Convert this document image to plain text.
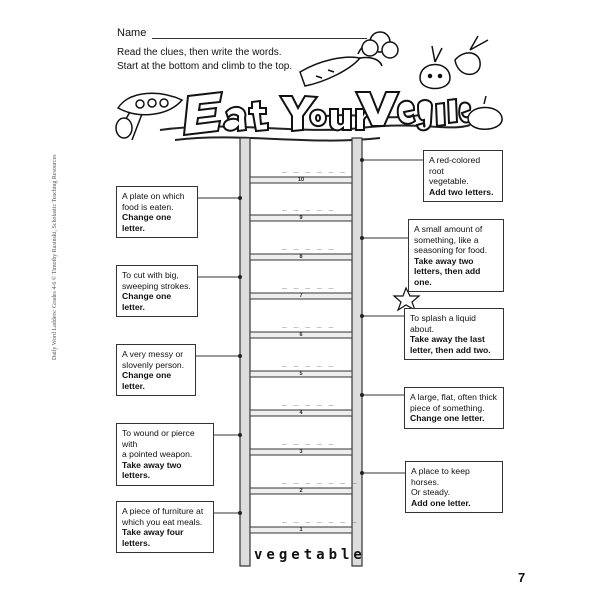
Name
Read the clues, then write the words.
Start at the bottom and climb to the top.
Daily Word Ladders: Grades 4-6 © Timothy Rasinski, Scholastic Teaching Resources	_ _ _ _ _ _
10
_ _ _ _ _
9
_ _ _ _ _
8
_ _ _ _ _
7
_ _ _ _ _
6
_ _ _ _ _
5
_ _ _ _ _
4
_ _ _ _ _
3
_ _ _ _ _ _ _
2
_ _ _ _ _ _ _
1
vegetable
A red-colored root
vegetable.
Add two letters.
A plate on which
food is eaten.
Change one letter.	A small amount of
something, like a
seasoning for food.
Take away two letters, then add one.
To cut with big,
sweeping strokes.
Change one letter.
To splash a liquid about.
Take away the last letter, then add two.
A very messy or
slovenly person.
Change one letter.
A large, flat, often thick
piece of something.
Change one letter.
To wound or pierce with
a pointed weapon.
Take away two letters.	A place to keep horses.
Or steady.
Add one letter.
A piece of furniture at
which you eat meals.
Take away four letters.
7
